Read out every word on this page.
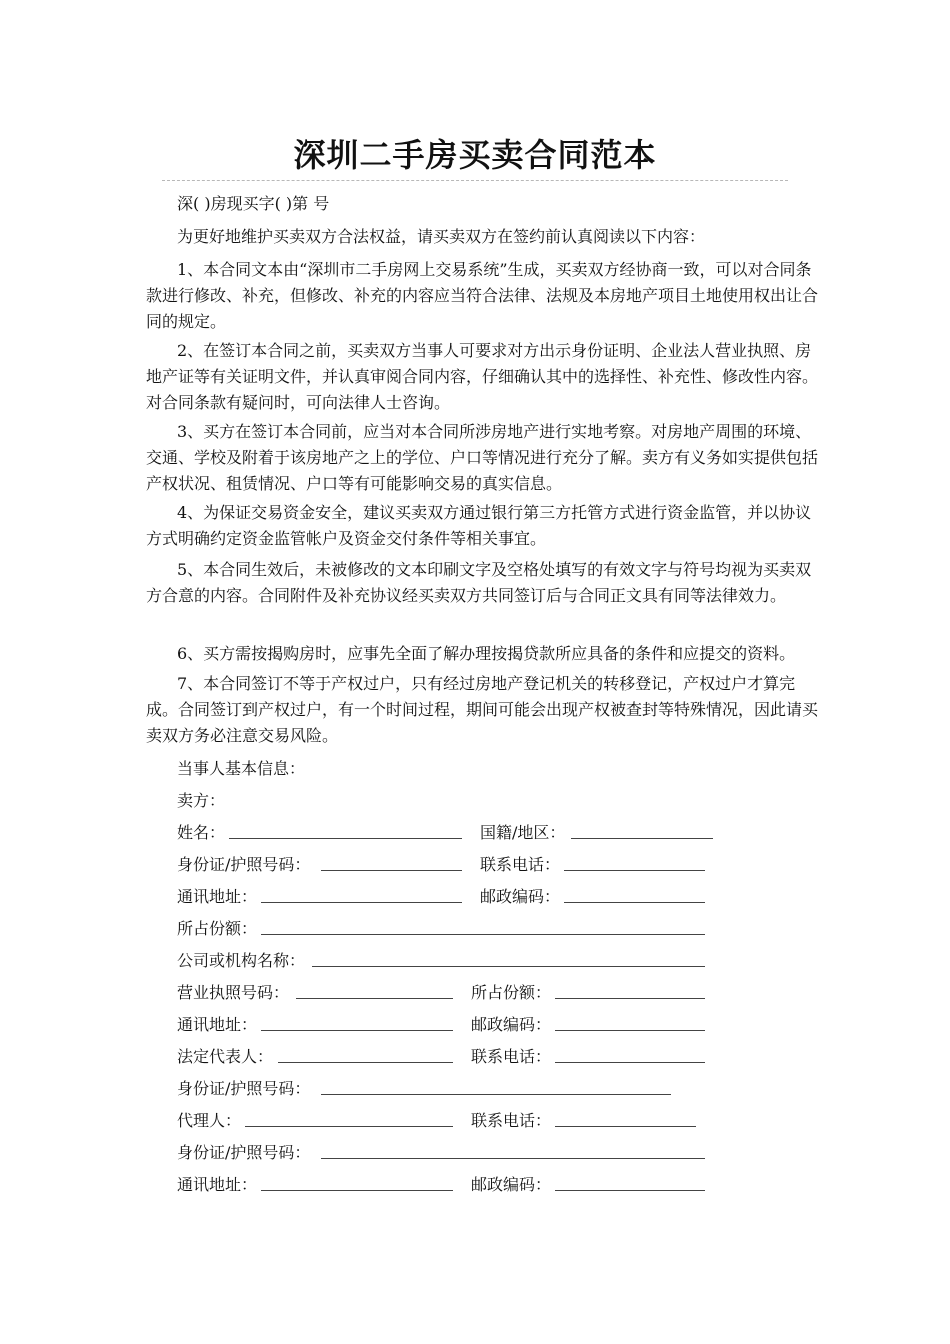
深圳二手房买卖合同范本
深( )房现买字( )第 号
为更好地维护买卖双方合法权益，请买卖双方在签约前认真阅读以下内容：
1、本合同文本由“深圳市二手房网上交易系统”生成，买卖双方经协商一致，可以对合同条款进行修改、补充，但修改、补充的内容应当符合法律、法规及本房地产项目土地使用权出让合同的规定。
2、在签订本合同之前，买卖双方当事人可要求对方出示身份证明、企业法人营业执照、房地产证等有关证明文件，并认真审阅合同内容，仔细确认其中的选择性、补充性、修改性内容。对合同条款有疑问时，可向法律人士咨询。
3、买方在签订本合同前，应当对本合同所涉房地产进行实地考察。对房地产周围的环境、交通、学校及附着于该房地产之上的学位、户口等情况进行充分了解。卖方有义务如实提供包括产权状况、租赁情况、户口等有可能影响交易的真实信息。
4、为保证交易资金安全，建议买卖双方通过银行第三方托管方式进行资金监管，并以协议方式明确约定资金监管帐户及资金交付条件等相关事宜。
5、本合同生效后，未被修改的文本印刷文字及空格处填写的有效文字与符号均视为买卖双方合意的内容。合同附件及补充协议经买卖双方共同签订后与合同正文具有同等法律效力。
6、买方需按揭购房时，应事先全面了解办理按揭贷款所应具备的条件和应提交的资料。
7、本合同签订不等于产权过户，只有经过房地产登记机关的转移登记，产权过户才算完成。合同签订到产权过户，有一个时间过程，期间可能会出现产权被查封等特殊情况，因此请买卖双方务必注意交易风险。
当事人基本信息：
卖方：
姓名：	国籍/地区：
身份证/护照号码：	联系电话：
通讯地址：	邮政编码：
所占份额：
公司或机构名称：
营业执照号码：	所占份额：
通讯地址：	邮政编码：
法定代表人：	联系电话：
身份证/护照号码：
代理人：	联系电话：
身份证/护照号码：
通讯地址：	邮政编码：
